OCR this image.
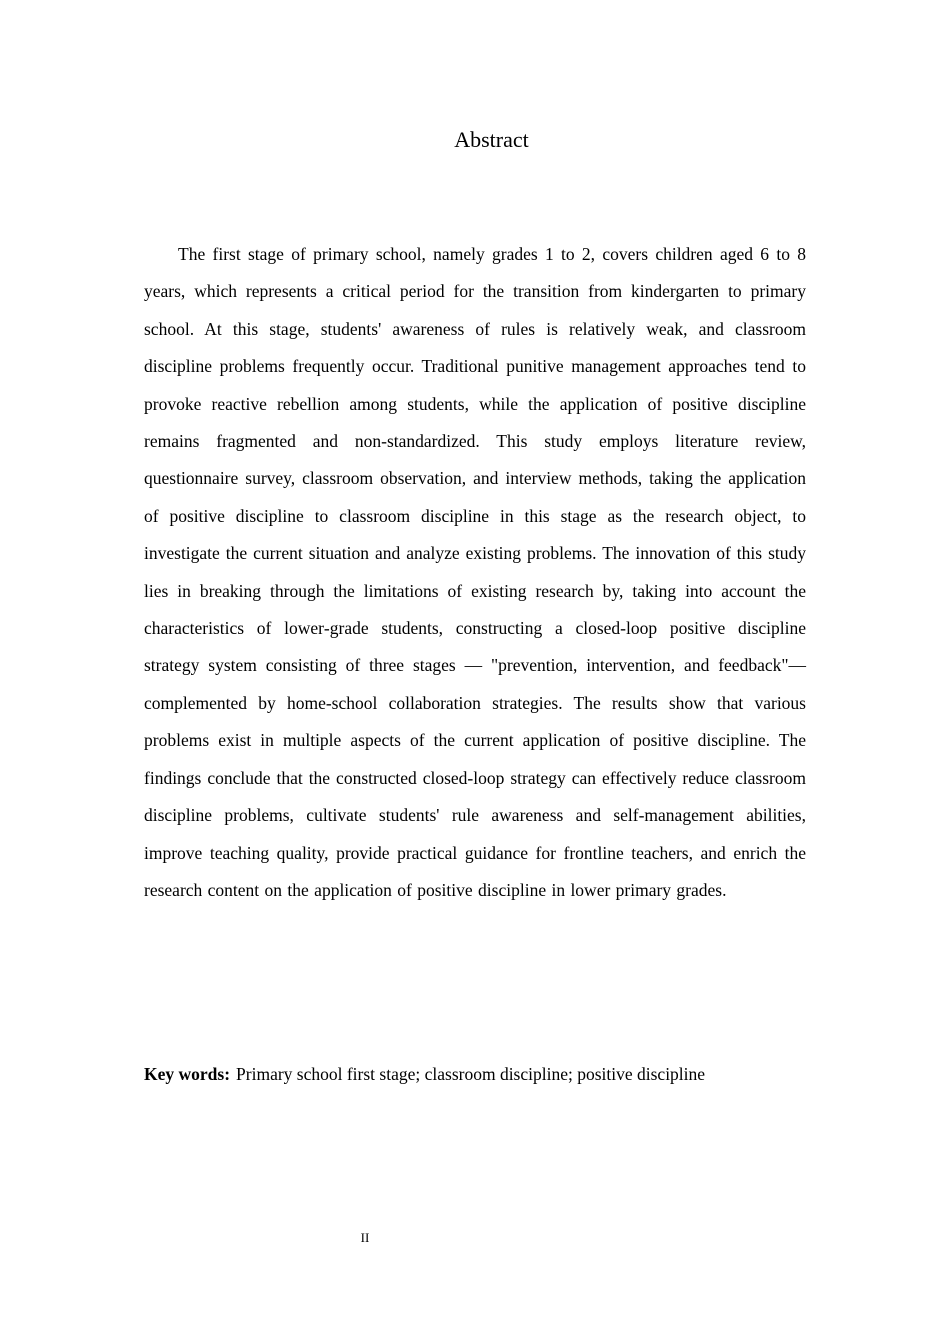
Abstract

The first stage of primary school, namely grades 1 to 2, covers children aged 6 to 8 years, which represents a critical period for the transition from kindergarten to primary school. At this stage, students' awareness of rules is relatively weak, and classroom discipline problems frequently occur. Traditional punitive management approaches tend to provoke reactive rebellion among students, while the application of positive discipline remains fragmented and non‐standardized. This study employs literature review, questionnaire survey, classroom observation, and interview methods, taking the application of positive discipline to classroom discipline in this stage as the research object, to investigate the current situation and analyze existing problems. The innovation of this study lies in breaking through the limitations of existing research by, taking into account the characteristics of lower‐grade students, constructing a closed‐loop positive discipline strategy system consisting of three stages — "prevention, intervention, and feedback"— complemented by home‐school collaboration strategies. The results show that various problems exist in multiple aspects of the current application of positive discipline. The findings conclude that the constructed closed‐loop strategy can effectively reduce classroom discipline problems, cultivate students' rule awareness and self‐management abilities, improve teaching quality, provide practical guidance for frontline teachers, and enrich the research content on the application of positive discipline in lower primary grades.

Key words: Primary school first stage; classroom discipline; positive discipline
II
